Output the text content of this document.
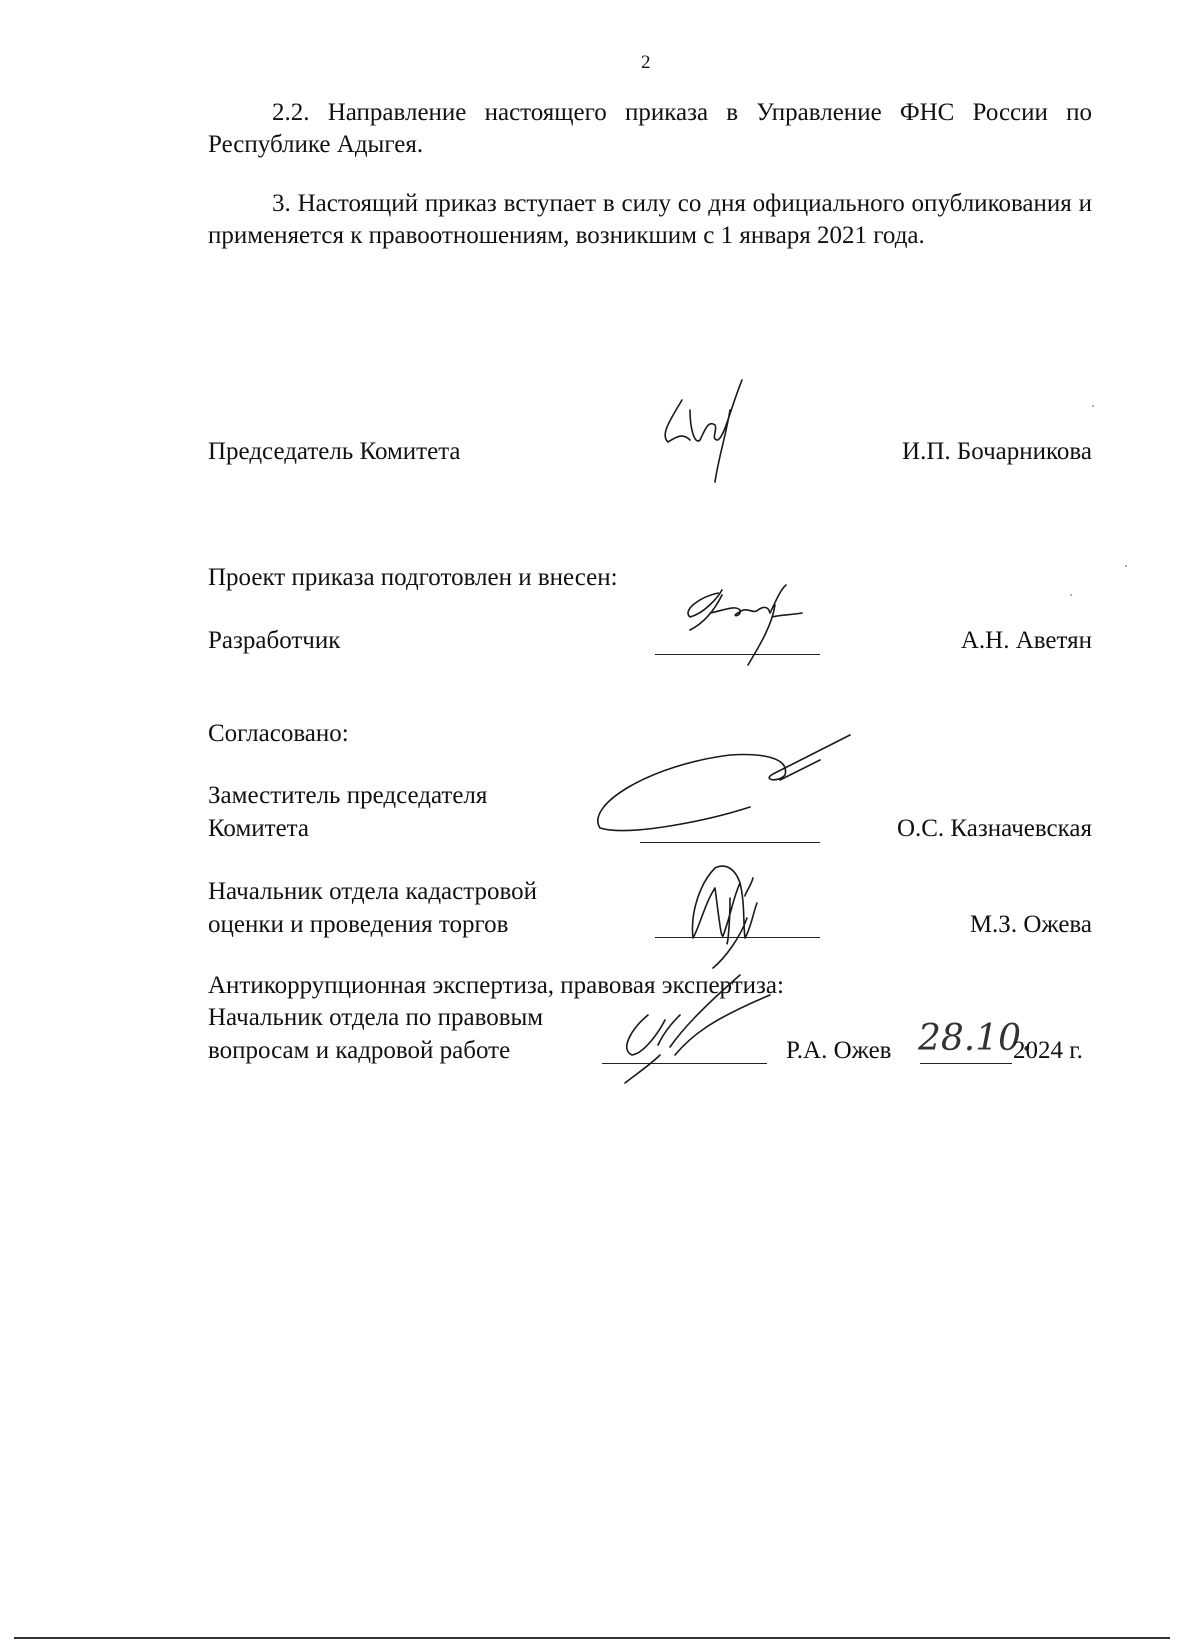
2
2.2. Направление настоящего приказа в Управление ФНС России по Республике Адыгея.
3. Настоящий приказ вступает в силу со дня официального опубликования и применяется к правоотношениям, возникшим с 1 января 2021 года.
Председатель Комитета	И.П. Бочарникова
Проект приказа подготовлен и внесен:
Разработчик	А.Н. Аветян
Согласовано:
Заместитель председателя
Комитета	О.С. Казначевская
Начальник отдела кадастровой
оценки и проведения торгов	М.З. Ожева
Антикоррупционная экспертиза, правовая экспертиза:
Начальник отдела по правовым
вопросам и кадровой работе	Р.А. Ожев 28.10.
2024 г.
